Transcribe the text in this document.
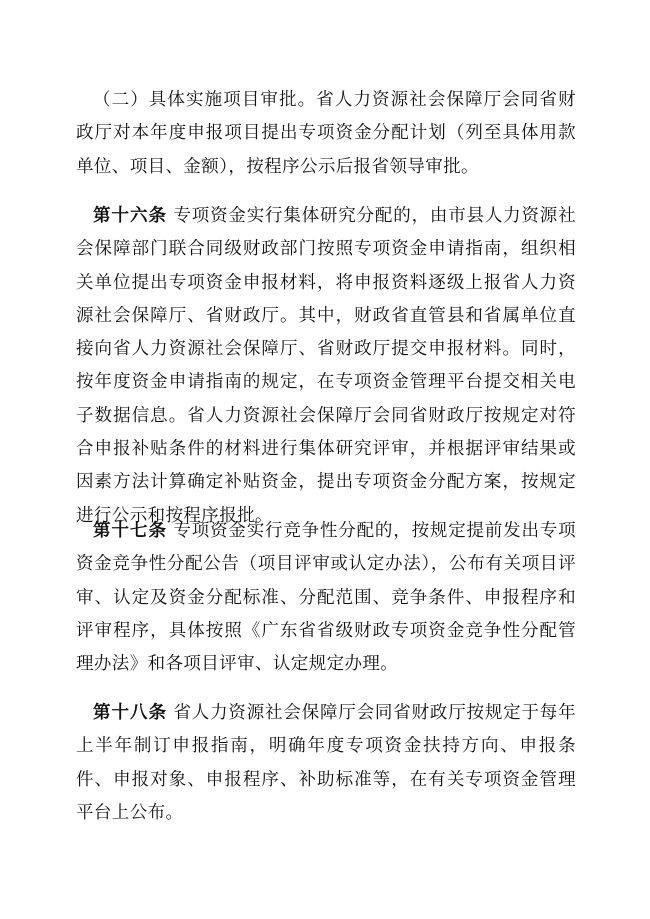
（二）具体实施项目审批。省人力资源社会保障厅会同省财政厅对本年度申报项目提出专项资金分配计划（列至具体用款单位、项目、金额），按程序公示后报省领导审批。

第十六条 专项资金实行集体研究分配的，由市县人力资源社会保障部门联合同级财政部门按照专项资金申请指南，组织相关单位提出专项资金申报材料，将申报资料逐级上报省人力资源社会保障厅、省财政厅。其中，财政省直管县和省属单位直接向省人力资源社会保障厅、省财政厅提交申报材料。同时，按年度资金申请指南的规定，在专项资金管理平台提交相关电子数据信息。省人力资源社会保障厅会同省财政厅按规定对符合申报补贴条件的材料进行集体研究评审，并根据评审结果或因素方法计算确定补贴资金，提出专项资金分配方案，按规定进行公示和按程序报批。

第十七条 专项资金实行竞争性分配的，按规定提前发出专项资金竞争性分配公告（项目评审或认定办法），公布有关项目评审、认定及资金分配标准、分配范围、竞争条件、申报程序和评审程序，具体按照《广东省省级财政专项资金竞争性分配管理办法》和各项目评审、认定规定办理。

第十八条 省人力资源社会保障厅会同省财政厅按规定于每年上半年制订申报指南，明确年度专项资金扶持方向、申报条件、申报对象、申报程序、补助标准等，在有关专项资金管理平台上公布。
